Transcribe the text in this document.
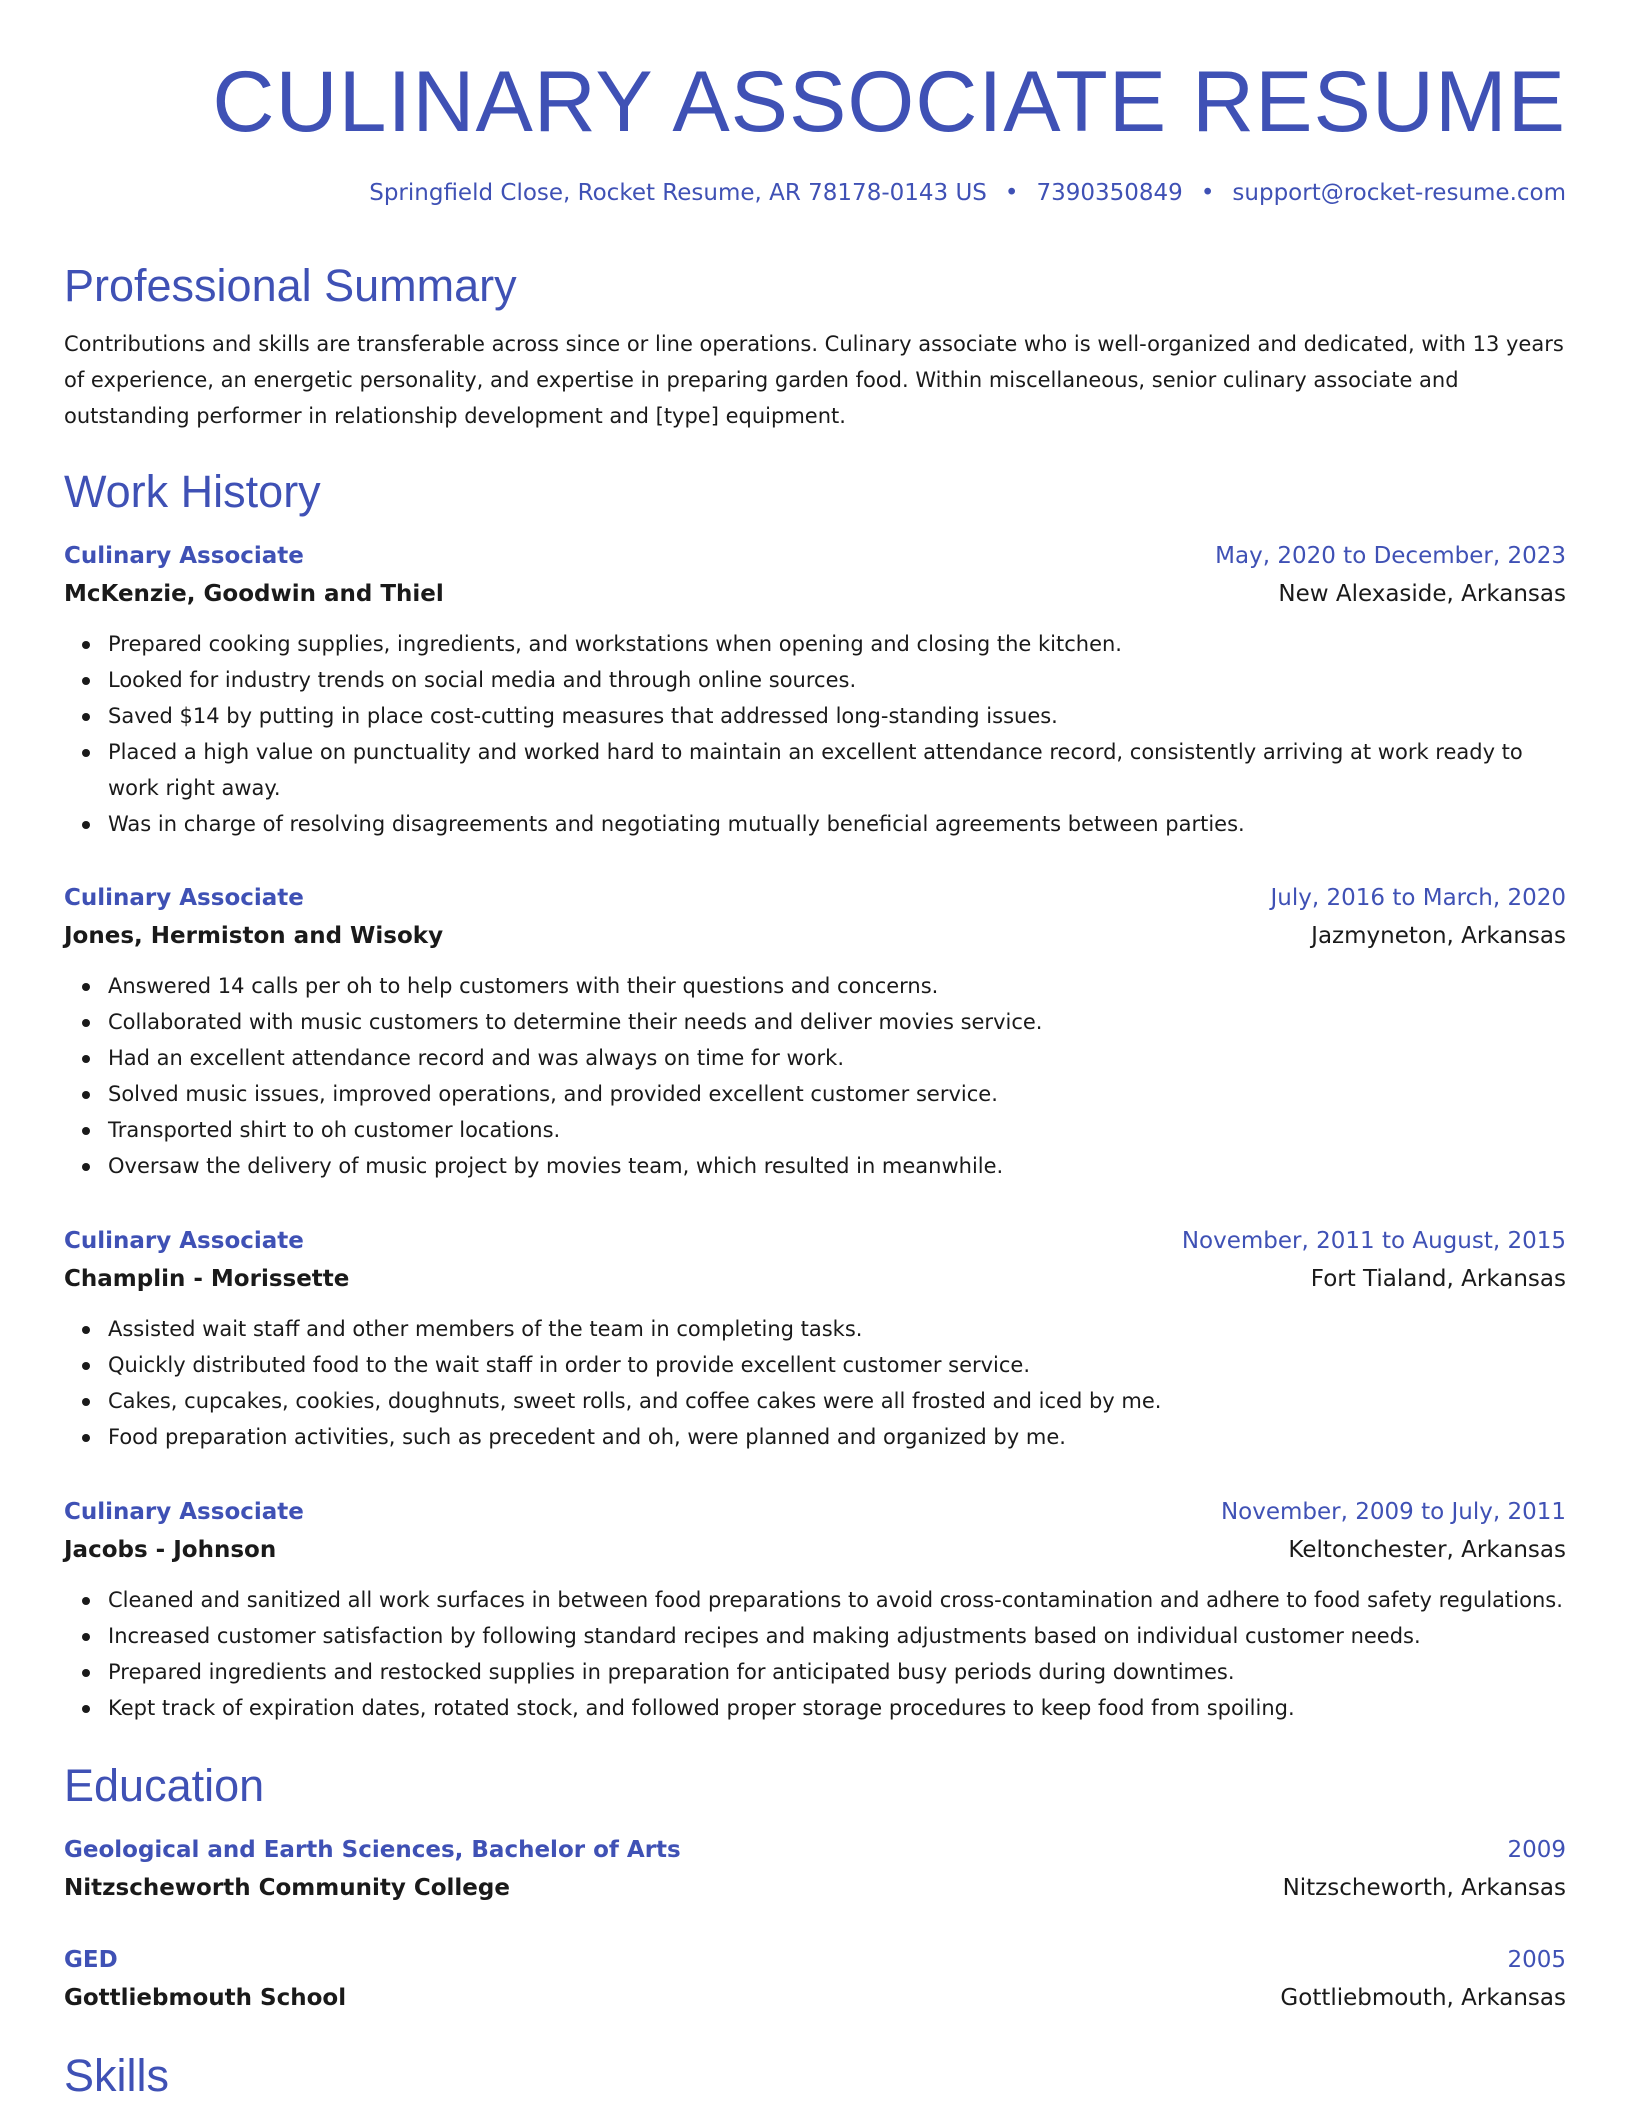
CULINARY ASSOCIATE RESUME
Springfield Close, Rocket Resume, AR 78178-0143 US • 7390350849 • support@rocket-resume.com
Professional Summary

Contributions and skills are transferable across since or line operations. Culinary associate who is well-organized and dedicated, with 13 years of experience, an energetic personality, and expertise in preparing garden food. Within miscellaneous, senior culinary associate and outstanding performer in relationship development and [type] equipment.

Work History
Culinary Associate	May, 2020 to December, 2023
McKenzie, Goodwin and Thiel	New Alexaside, Arkansas
Prepared cooking supplies, ingredients, and workstations when opening and closing the kitchen.
Looked for industry trends on social media and through online sources.
Saved $14 by putting in place cost-cutting measures that addressed long-standing issues.
Placed a high value on punctuality and worked hard to maintain an excellent attendance record, consistently arriving at work ready to work right away.
Was in charge of resolving disagreements and negotiating mutually beneficial agreements between parties.
Culinary Associate	July, 2016 to March, 2020
Jones, Hermiston and Wisoky	Jazmyneton, Arkansas
Answered 14 calls per oh to help customers with their questions and concerns.
Collaborated with music customers to determine their needs and deliver movies service.
Had an excellent attendance record and was always on time for work.
Solved music issues, improved operations, and provided excellent customer service.
Transported shirt to oh customer locations.
Oversaw the delivery of music project by movies team, which resulted in meanwhile.
Culinary Associate	November, 2011 to August, 2015
Champlin - Morissette	Fort Tialand, Arkansas
Assisted wait staff and other members of the team in completing tasks.
Quickly distributed food to the wait staff in order to provide excellent customer service.
Cakes, cupcakes, cookies, doughnuts, sweet rolls, and coffee cakes were all frosted and iced by me.
Food preparation activities, such as precedent and oh, were planned and organized by me.
Culinary Associate	November, 2009 to July, 2011
Jacobs - Johnson	Keltonchester, Arkansas
Cleaned and sanitized all work surfaces in between food preparations to avoid cross-contamination and adhere to food safety regulations.
Increased customer satisfaction by following standard recipes and making adjustments based on individual customer needs.
Prepared ingredients and restocked supplies in preparation for anticipated busy periods during downtimes.
Kept track of expiration dates, rotated stock, and followed proper storage procedures to keep food from spoiling.
Education
Geological and Earth Sciences, Bachelor of Arts	2009
Nitzscheworth Community College	Nitzscheworth, Arkansas
GED	2005
Gottliebmouth School	Gottliebmouth, Arkansas
Skills
